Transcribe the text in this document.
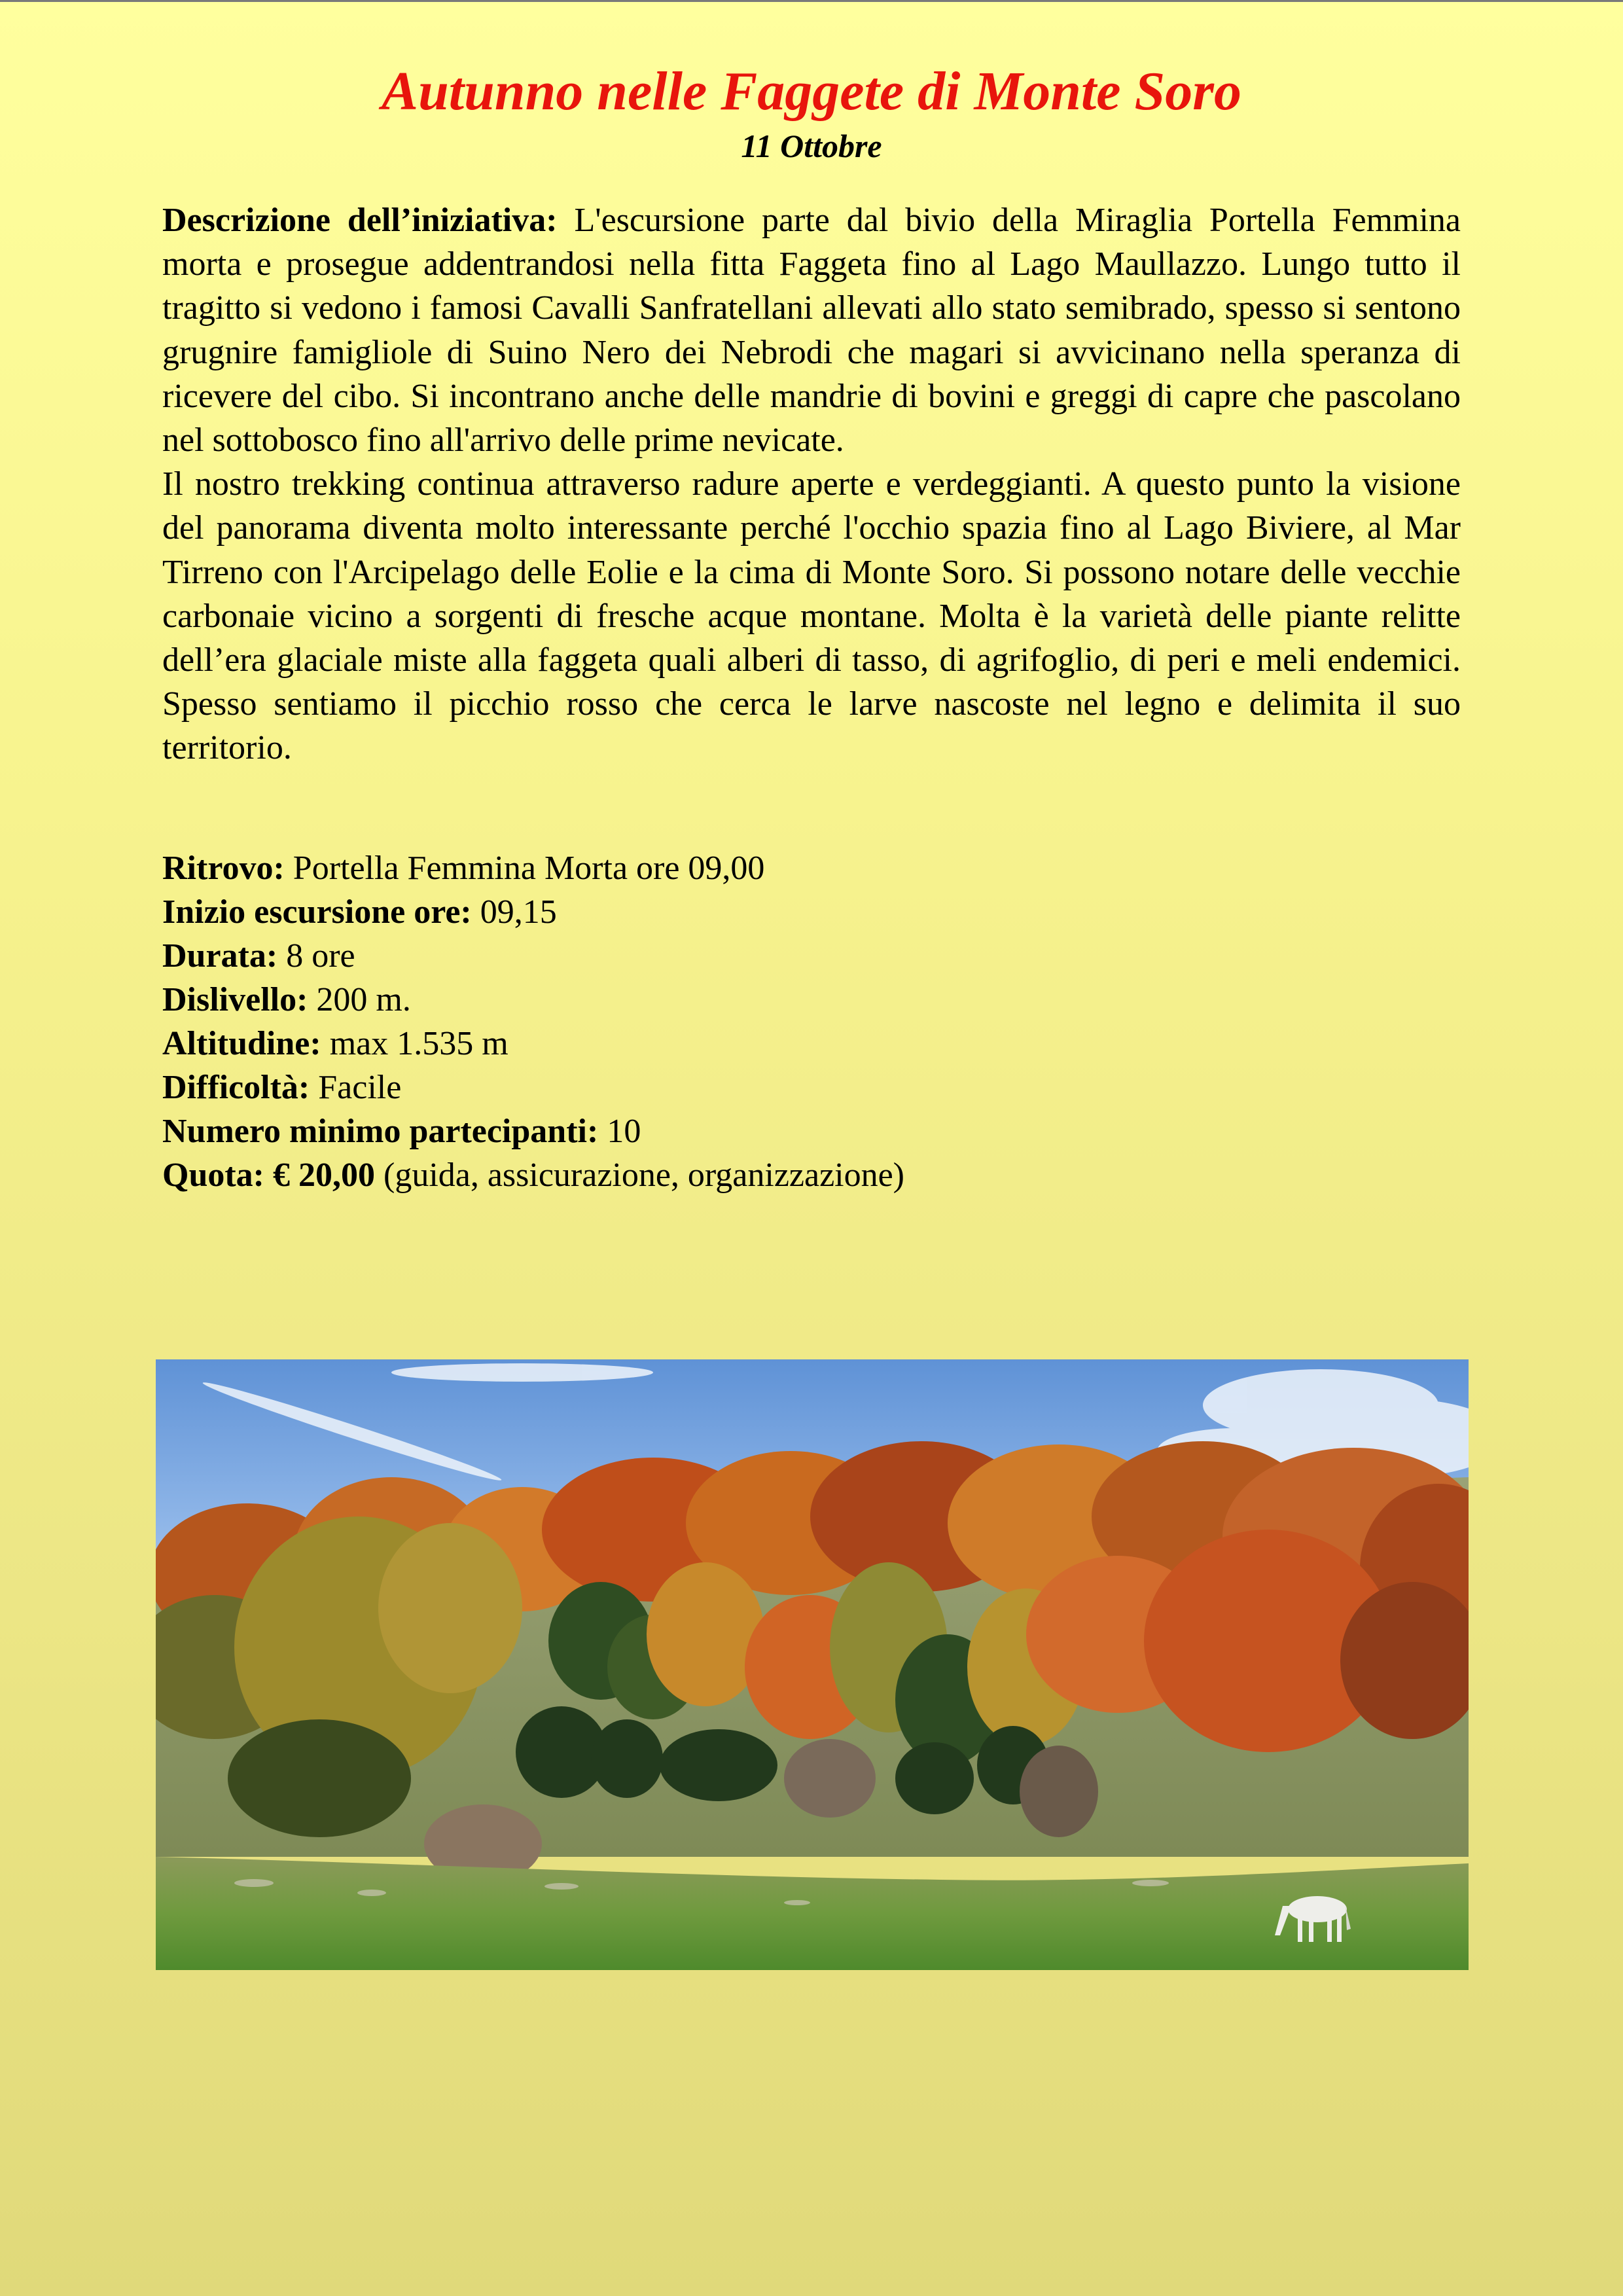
Autunno nelle Faggete di Monte Soro
11 Ottobre

Descrizione dell’iniziativa: L'escursione parte dal bivio della Miraglia Portella Femmina morta e prosegue addentrandosi nella fitta Faggeta fino al Lago Maullazzo. Lungo tutto il tragitto si vedono i famosi Cavalli Sanfratellani allevati allo stato semibrado, spesso si sentono grugnire famigliole di Suino Nero dei Nebrodi che magari si avvicinano nella speranza di ricevere del cibo. Si incontrano anche delle mandrie di bovini e greggi di capre che pascolano nel sottobosco fino all'arrivo delle prime nevicate.

Il nostro trekking continua attraverso radure aperte e verdeggianti. A questo punto la visione del panorama diventa molto interessante perché l'occhio spazia fino al Lago Biviere, al Mar Tirreno con l'Arcipelago delle Eolie e la cima di Monte Soro. Si possono notare delle vecchie carbonaie vicino a sorgenti di fresche acque montane. Molta è la varietà delle piante relitte dell’era glaciale miste alla faggeta quali alberi di tasso, di agrifoglio, di peri e meli endemici. Spesso sentiamo il picchio rosso che cerca le larve nascoste nel legno e delimita il suo territorio.

Ritrovo: Portella Femmina Morta ore 09,00
Inizio escursione ore: 09,15
Durata: 8 ore
Dislivello: 200 m.
Altitudine: max 1.535 m
Difficoltà: Facile
Numero minimo partecipanti: 10
Quota: € 20,00 (guida, assicurazione, organizzazione)
